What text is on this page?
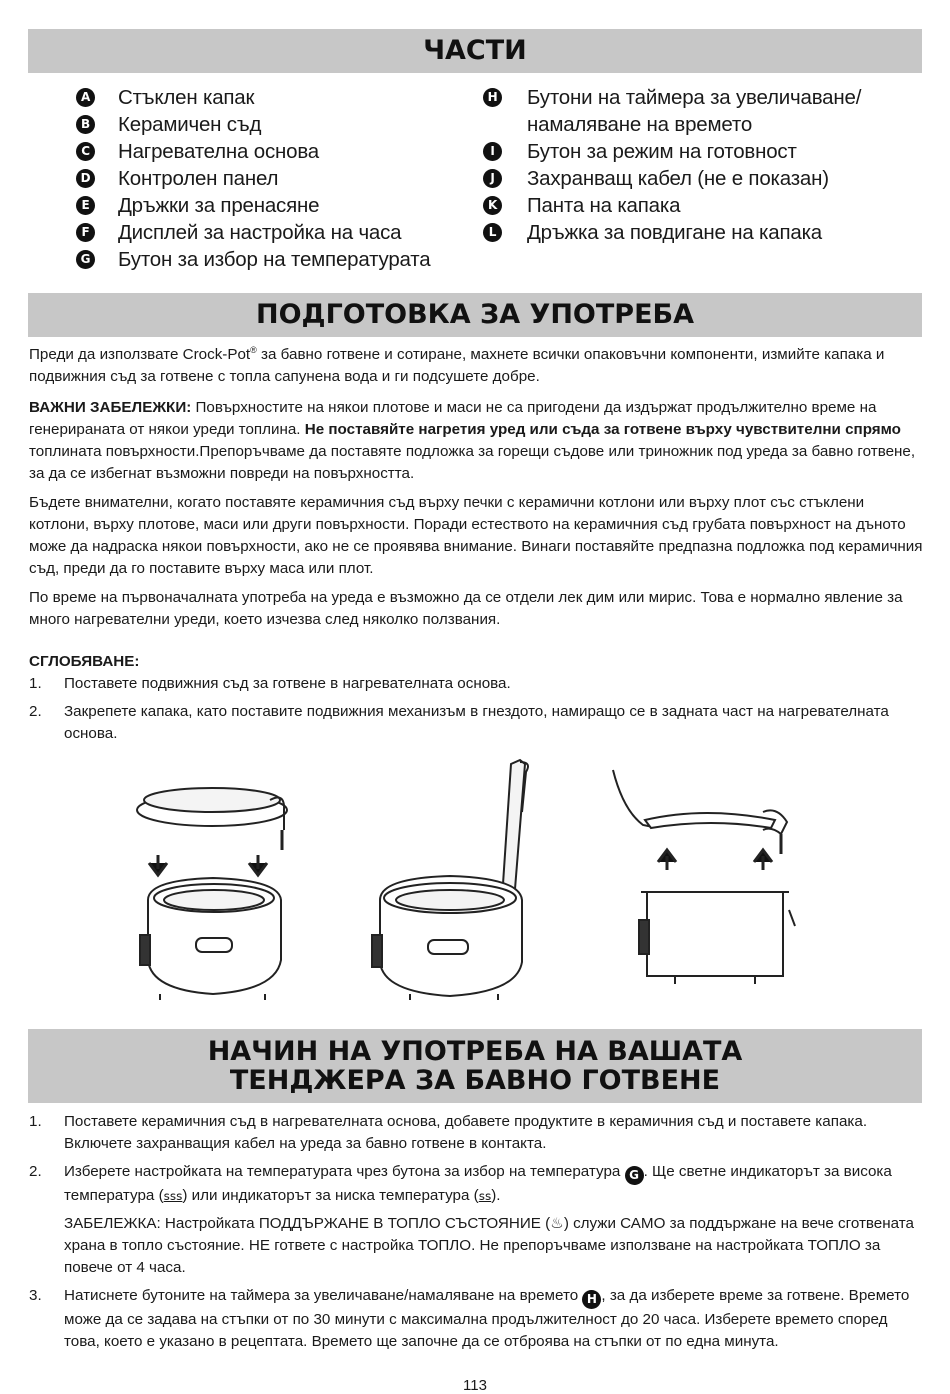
ЧАСТИ
A Стъклен капак
B Керамичен съд
C Нагревателна основа
D Контролен панел
E Дръжки за пренасяне
F Дисплей за настройка на часа
G Бутон за избор на температурата
H Бутони на таймера за увеличаване/ намаляване на времето
I	Бутон за режим на готовност
J	Захранващ кабел (не е показан)
K Панта на капака
L Дръжка за повдигане на капака
ПОДГОТОВКА ЗА УПОТРЕБА

Преди да използвате Crock-Pot® за бавно готвене и сотиране, махнете всички опаковъчни компоненти, измийте капака и подвижния съд за готвене с топла сапунена вода и ги подсушете добре.

ВАЖНИ ЗАБЕЛЕЖКИ: Повърхностите на някои плотове и маси не са пригодени да издържат продължително време на генерираната от някои уреди топлина. Не поставяйте нагретия уред или съда за готвене върху чувствителни спрямо топлината повърхности.Препоръчваме да поставяте подложка за горещи съдове или триножник под уреда за бавно готвене, за да се избегнат възможни повреди на повърхността.

Бъдете внимателни, когато поставяте керамичния съд върху печки с керамични котлони или върху плот със стъклени котлони, върху плотове, маси или други повърхности. Поради естеството на керамичния съд грубата повърхност на дъното може да надраска някои повърхности, ако не се проявява внимание. Винаги поставяйте предпазна подложка под керамичния съд, преди да го поставите върху маса или плот.

По време на първоначалната употреба на уреда е възможно да се отдели лек дим или мирис. Това е нормално явление за много нагревателни уреди, което изчезва след няколко ползвания.

СГЛОБЯВАНЕ:

1. Поставете подвижния съд за готвене в нагревателната основа.
2. Закрепете капака, като поставите подвижния механизъм в гнездото, намиращо се в задната част на нагревателната основа.
НАЧИН НА УПОТРЕБА НА ВАШАТА
ТЕНДЖЕРА ЗА БАВНО ГОТВЕНЕ
1. Поставете керамичния съд в нагревателната основа, добавете продуктите в керамичния съд и поставете капака. Включете захранващия кабел на уреда за бавно готвене в контакта.
2. Изберете настройката на температурата чрез бутона за избор на температура G . Ще светне индикаторът за висока температура (ꜱꜱꜱ) или индикаторът за ниска температура (ꜱꜱ).
ЗАБЕЛЕЖКА: Настройката ПОДДЪРЖАНЕ В ТОПЛО СЪСТОЯНИЕ (♨) служи САМО за поддържане на вече сготвената храна в топло състояние. НЕ гответе с настройка ТОПЛО. Не препоръчваме използване на настройката ТОПЛО за повече от 4 часа.
3. Натиснете бутоните на таймера за увеличаване/намаляване на времето H , за да изберете време за готвене. Времето може да се задава на стъпки от по 30 минути с максимална продължителност до 20 часа. Изберете времето според това, което е указано в рецептата. Времето ще започне да се отброява на стъпки от по една минута.
113
